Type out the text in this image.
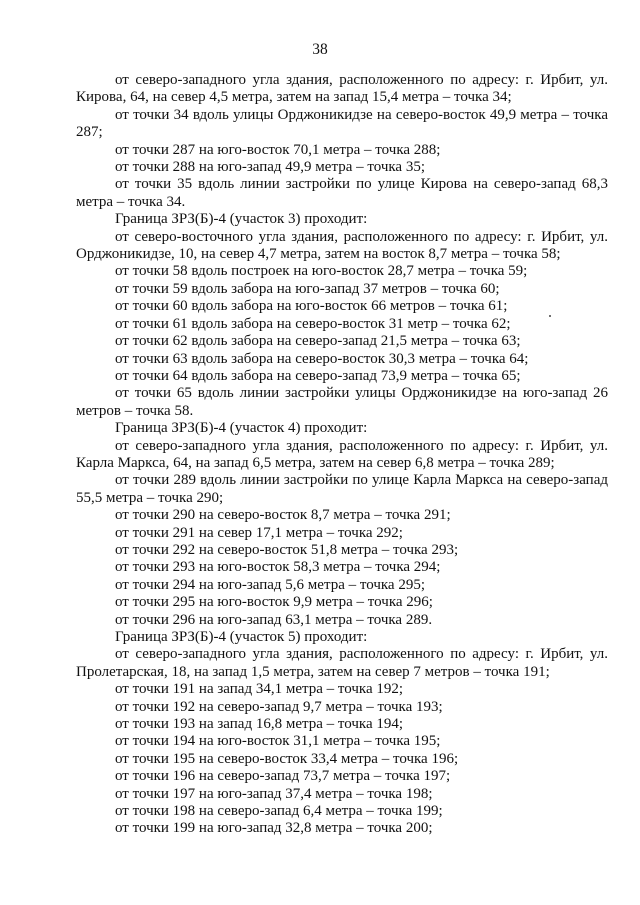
38

от северо-западного угла здания, расположенного по адресу: г. Ирбит, ул. Кирова, 64, на север 4,5 метра, затем на запад 15,4 метра – точка 34;

от точки 34 вдоль улицы Орджоникидзе на северо-восток 49,9 метра – точка 287;

от точки 287 на юго-восток 70,1 метра – точка 288;

от точки 288 на юго-запад 49,9 метра – точка 35;

от точки 35 вдоль линии застройки по улице Кирова на северо-запад 68,3 метра – точка 34.

Граница ЗРЗ(Б)-4 (участок 3) проходит:

от северо-восточного угла здания, расположенного по адресу: г. Ирбит, ул. Орджоникидзе, 10, на север 4,7 метра, затем на восток 8,7 метра – точка 58;

от точки 58 вдоль построек на юго-восток 28,7 метра – точка 59;

от точки 59 вдоль забора на юго-запад 37 метров – точка 60;

от точки 60 вдоль забора на юго-восток 66 метров – точка 61;

от точки 61 вдоль забора на северо-восток 31 метр – точка 62;

от точки 62 вдоль забора на северо-запад 21,5 метра – точка 63;

от точки 63 вдоль забора на северо-восток 30,3 метра – точка 64;

от точки 64 вдоль забора на северо-запад 73,9 метра – точка 65;

от точки 65 вдоль линии застройки улицы Орджоникидзе на юго-запад 26 метров – точка 58.

Граница ЗРЗ(Б)-4 (участок 4) проходит:

от северо-западного угла здания, расположенного по адресу: г. Ирбит, ул. Карла Маркса, 64, на запад 6,5 метра, затем на север 6,8 метра – точка 289;

от точки 289 вдоль линии застройки по улице Карла Маркса на северо-запад 55,5 метра – точка 290;

от точки 290 на северо-восток 8,7 метра – точка 291;

от точки 291 на север 17,1 метра – точка 292;

от точки 292 на северо-восток 51,8 метра – точка 293;

от точки 293 на юго-восток 58,3 метра – точка 294;

от точки 294 на юго-запад 5,6 метра – точка 295;

от точки 295 на юго-восток 9,9 метра – точка 296;

от точки 296 на юго-запад 63,1 метра – точка 289.

Граница ЗРЗ(Б)-4 (участок 5) проходит:

от северо-западного угла здания, расположенного по адресу: г. Ирбит, ул. Пролетарская, 18, на запад 1,5 метра, затем на север 7 метров – точка 191;

от точки 191 на запад 34,1 метра – точка 192;

от точки 192 на северо-запад 9,7 метра – точка 193;

от точки 193 на запад 16,8 метра – точка 194;

от точки 194 на юго-восток 31,1 метра – точка 195;

от точки 195 на северо-восток 33,4 метра – точка 196;

от точки 196 на северо-запад 73,7 метра – точка 197;

от точки 197 на юго-запад 37,4 метра – точка 198;

от точки 198 на северо-запад 6,4 метра – точка 199;

от точки 199 на юго-запад 32,8 метра – точка 200;
